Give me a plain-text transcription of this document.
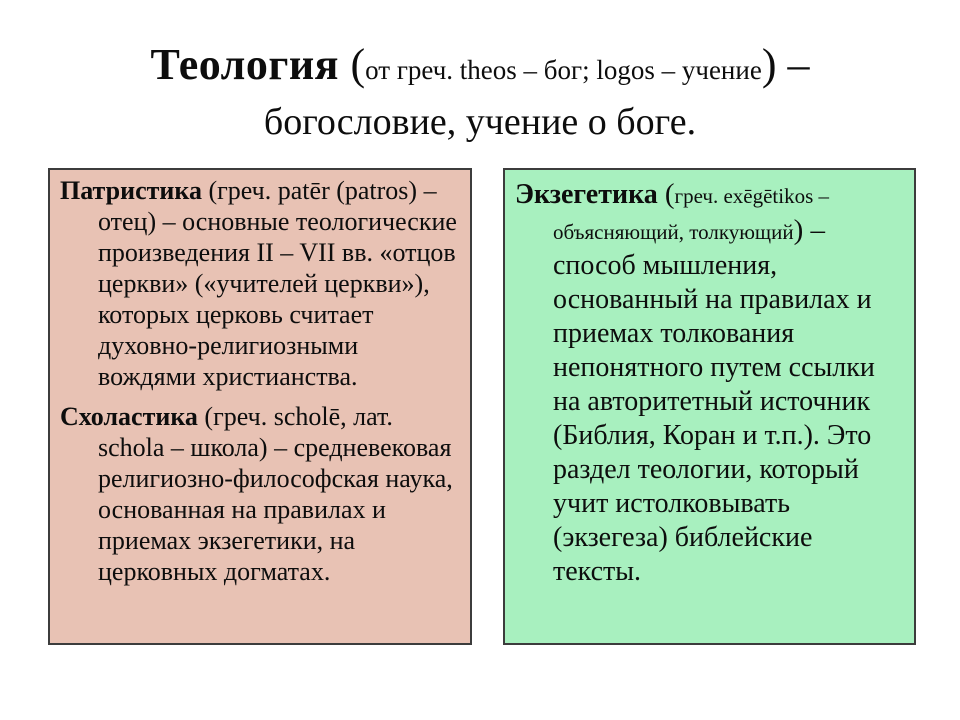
Теология (от греч. theos – бог; logos – учение) –
богословие, учение о боге.

Патристика (греч. patēr (patros) – отец) – основные теологические произведения II – VII вв. «отцов церкви» («учителей церкви»), которых церковь считает духовно-религиозными вождями христианства.

Схоластика (греч. scholē, лат. schola – школа) – средневековая религиозно-философская наука, основанная на правилах и приемах экзегетики, на церковных догматах.

Экзегетика (греч. exēgētikos – объясняющий, толкующий) – способ мышления, основанный на правилах и приемах толкования непонятного путем ссылки на авторитетный источник (Библия, Коран и т.п.). Это раздел теологии, который учит истолковывать (экзегеза) библейские тексты.
